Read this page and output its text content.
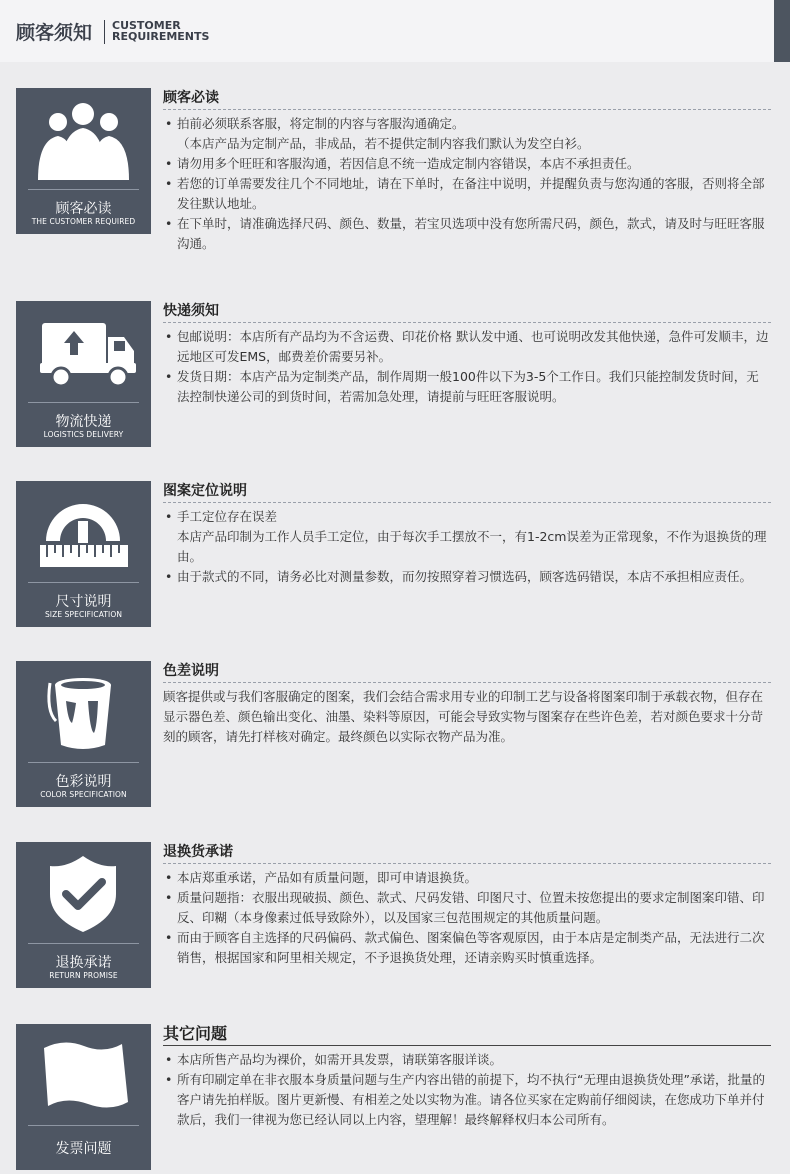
顾客须知 CUSTOMER
REQUIREMENTS
顾客必读
THE CUSTOMER REQUIRED
顾客必读
• 拍前必须联系客服，将定制的内容与客服沟通确定。
（本店产品为定制产品，非成品，若不提供定制内容我们默认为发空白衫。
• 请勿用多个旺旺和客服沟通，若因信息不统一造成定制内容错误，本店不承担责任。
• 若您的订单需要发往几个不同地址，请在下单时，在备注中说明，并提醒负责与您沟通的客服，否则将全部发往默认地址。
• 在下单时，请准确选择尺码、颜色、数量，若宝贝选项中没有您所需尺码，颜色，款式，请及时与旺旺客服沟通。
物流快递
LOGISTICS DELIVERY
快递须知
• 包邮说明：本店所有产品均为不含运费、印花价格 默认发中通、也可说明改发其他快递，急件可发顺丰，边远地区可发EMS，邮费差价需要另补。
• 发货日期：本店产品为定制类产品，制作周期一般100件以下为3-5个工作日。我们只能控制发货时间，无法控制快递公司的到货时间，若需加急处理，请提前与旺旺客服说明。
尺寸说明
SIZE SPECIFICATION
图案定位说明
• 手工定位存在误差
本店产品印制为工作人员手工定位，由于每次手工摆放不一，有1-2cm误差为正常现象，不作为退换货的理由。
• 由于款式的不同，请务必比对测量参数，而勿按照穿着习惯选码，顾客选码错误，本店不承担相应责任。
色彩说明
COLOR SPECIFICATION
色差说明

顾客提供或与我们客服确定的图案，我们会结合需求用专业的印制工艺与设备将图案印制于承载衣物，但存在显示器色差、颜色输出变化、油墨、染料等原因，可能会导致实物与图案存在些许色差，若对颜色要求十分苛刻的顾客，请先打样核对确定。最终颜色以实际衣物产品为准。

退换承诺
RETURN PROMISE
退换货承诺
• 本店郑重承诺，产品如有质量问题，即可申请退换货。
• 质量问题指：衣服出现破损、颜色、款式、尺码发错、印图尺寸、位置未按您提出的要求定制图案印错、印反、印糊（本身像素过低导致除外），以及国家三包范围规定的其他质量问题。
• 而由于顾客自主选择的尺码偏码、款式偏色、图案偏色等客观原因，由于本店是定制类产品，无法进行二次销售，根据国家和阿里相关规定，不予退换货处理，还请亲购买时慎重选择。
发票问题
其它问题
• 本店所售产品均为裸价，如需开具发票，请联第客服详谈。
• 所有印刷定单在非衣服本身质量问题与生产内容出错的前提下，均不执行“无理由退换货处理”承诺，批量的客户请先拍样版。图片更新慢、有相差之处以实物为准。请各位买家在定购前仔细阅读，在您成功下单并付款后，我们一律视为您已经认同以上内容，望理解！最终解释权归本公司所有。
